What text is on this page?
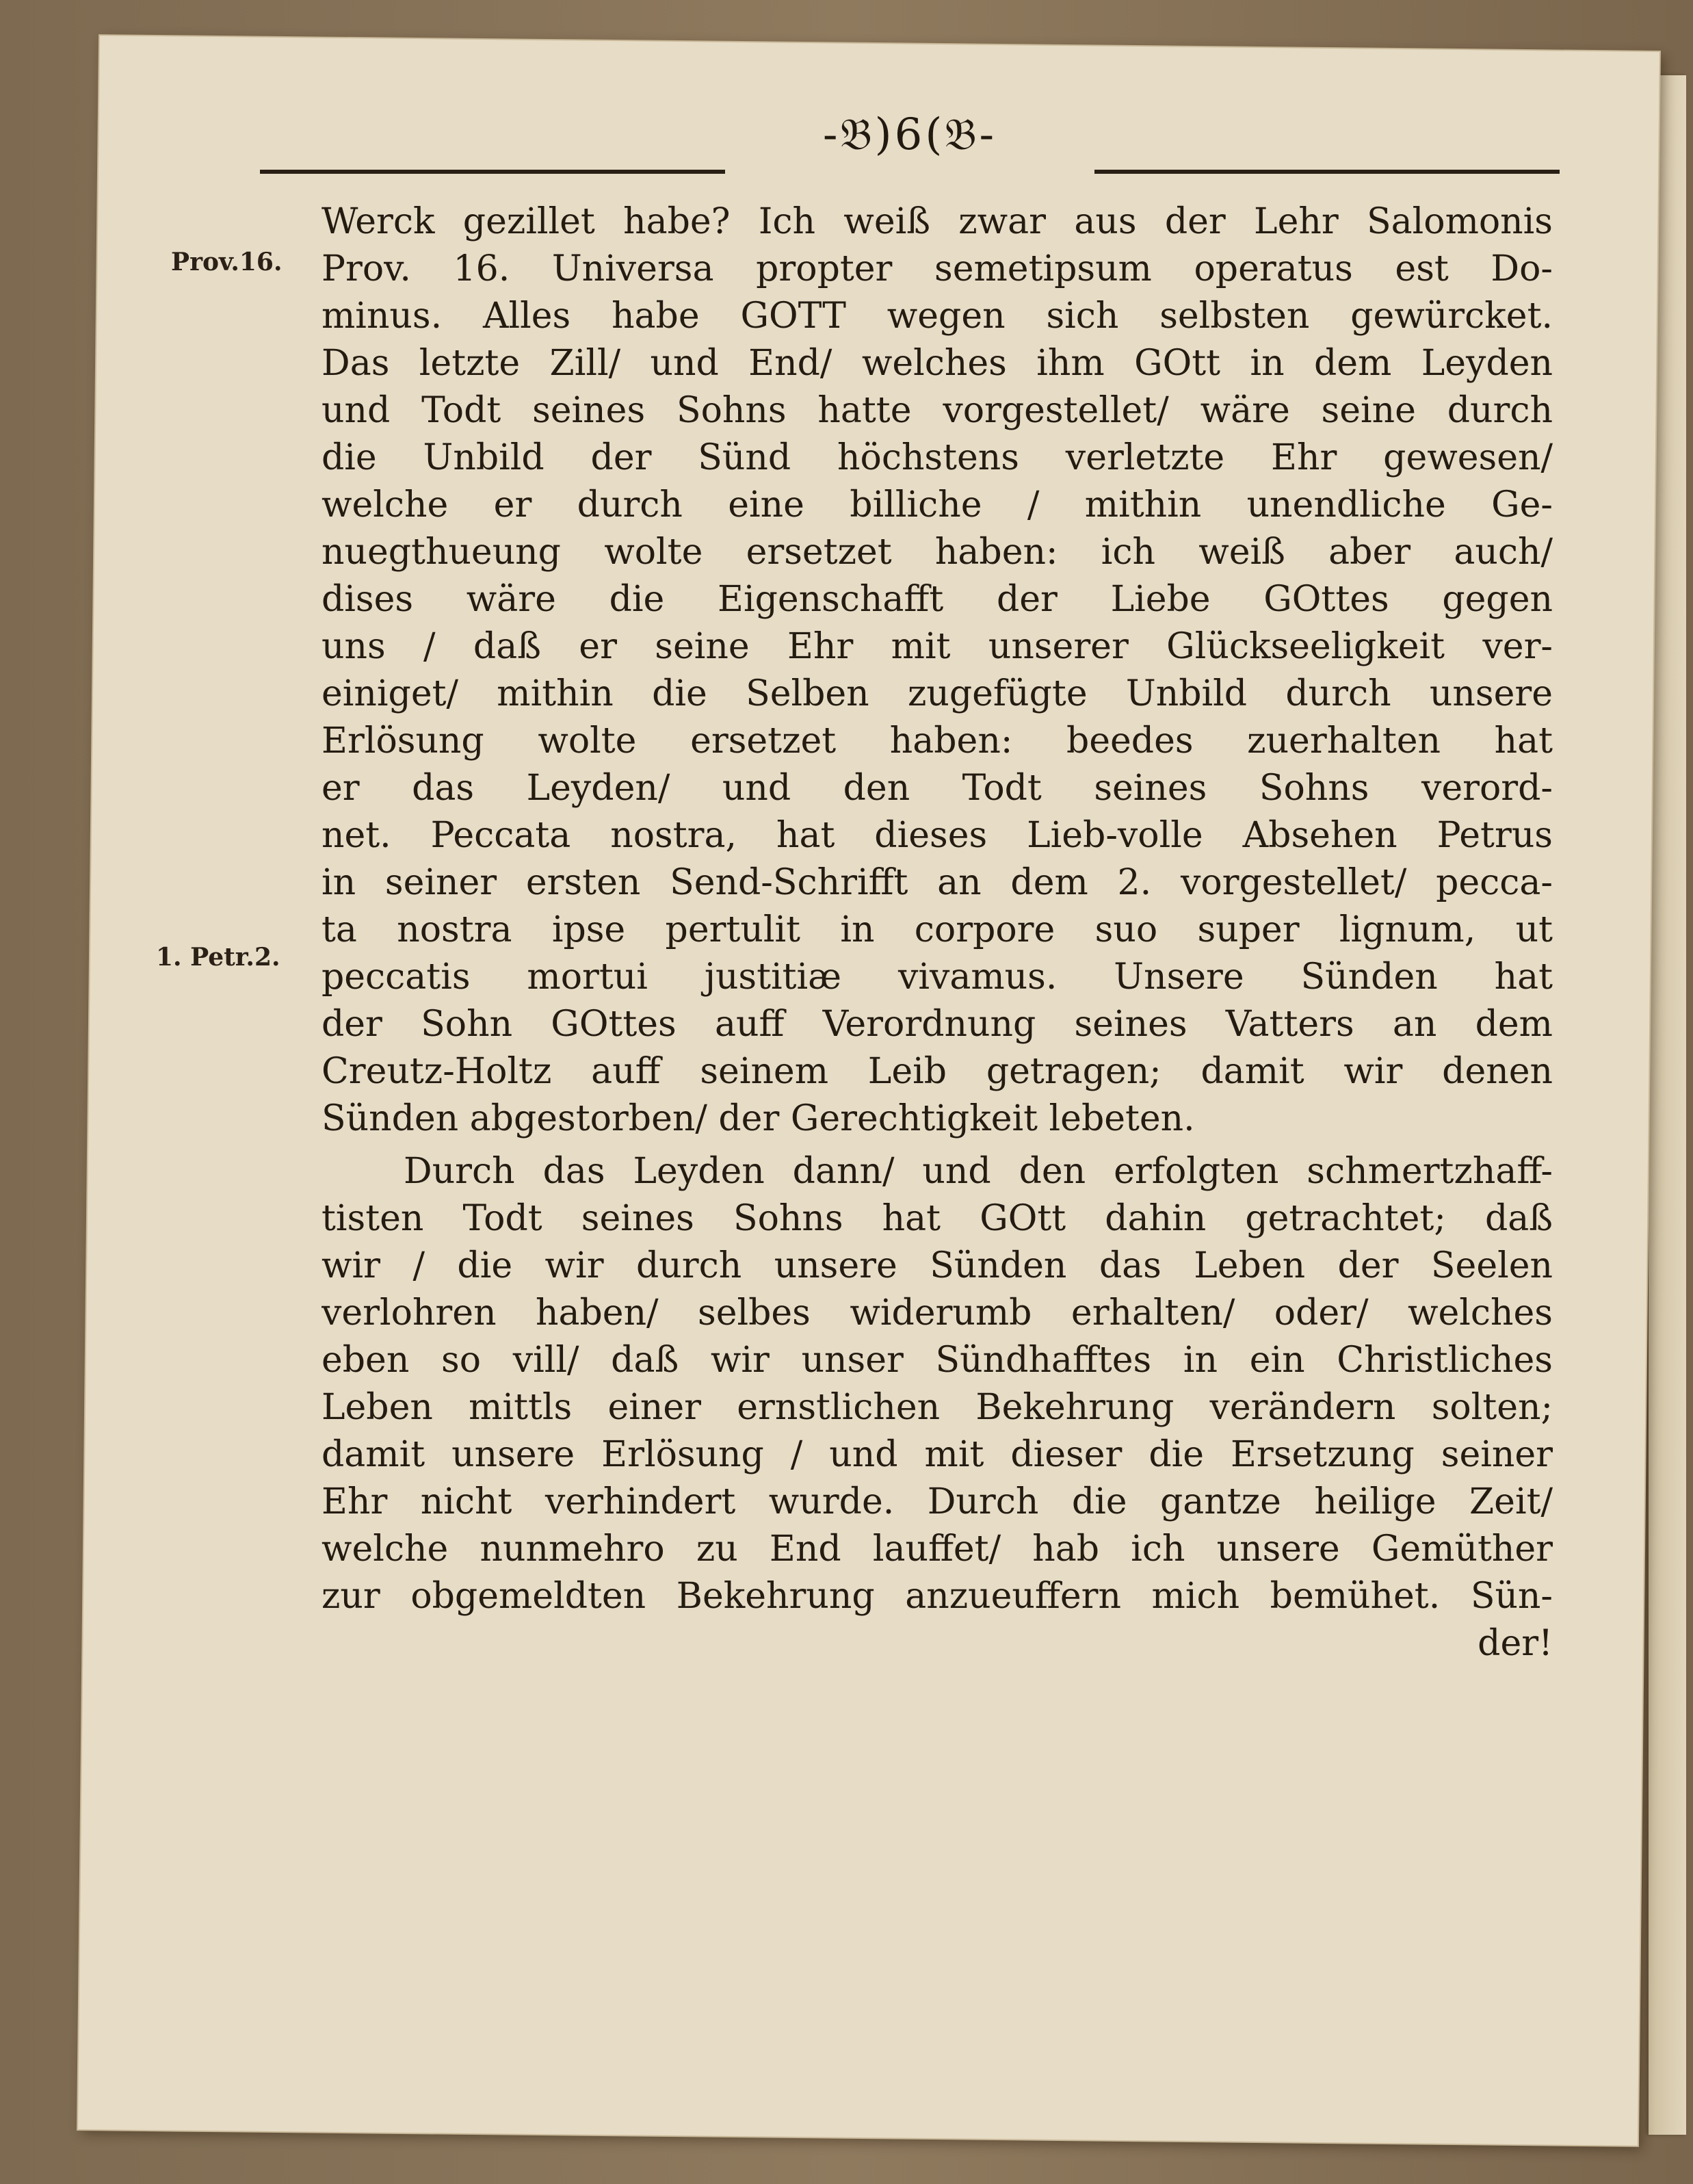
-𝔅)6(𝔅-
Prov.16.
1. Petr.2.
Werck gezillet habe? Ich weiß zwar aus der Lehr Salomonis
Prov. 16. Universa propter semetipsum operatus est Do-
minus. Alles habe GOTT wegen sich selbsten gewürcket.
Das letzte Zill/ und End/ welches ihm GOtt in dem Leyden
und Todt seines Sohns hatte vorgestellet/ wäre seine durch
die Unbild der Sünd höchstens verletzte Ehr gewesen/
welche er durch eine billiche / mithin unendliche Ge-
nuegthueung wolte ersetzet haben: ich weiß aber auch/
dises wäre die Eigenschafft der Liebe GOttes gegen
uns / daß er seine Ehr mit unserer Glückseeligkeit ver-
einiget/ mithin die Selben zugefügte Unbild durch unsere
Erlösung wolte ersetzet haben: beedes zuerhalten hat
er das Leyden/ und den Todt seines Sohns verord-
net. Peccata nostra, hat dieses Lieb-volle Absehen Petrus
in seiner ersten Send-Schrifft an dem 2. vorgestellet/ pecca-
ta nostra ipse pertulit in corpore suo super lignum, ut
peccatis mortui justitiæ vivamus. Unsere Sünden hat
der Sohn GOttes auff Verordnung seines Vatters an dem
Creutz-Holtz auff seinem Leib getragen; damit wir denen
Sünden abgestorben/ der Gerechtigkeit lebeten.
Durch das Leyden dann/ und den erfolgten schmertzhaff-
tisten Todt seines Sohns hat GOtt dahin getrachtet; daß
wir / die wir durch unsere Sünden das Leben der Seelen
verlohren haben/ selbes widerumb erhalten/ oder/ welches
eben so vill/ daß wir unser Sündhafftes in ein Christliches
Leben mittls einer ernstlichen Bekehrung verändern solten;
damit unsere Erlösung / und mit dieser die Ersetzung seiner
Ehr nicht verhindert wurde. Durch die gantze heilige Zeit/
welche nunmehro zu End lauffet/ hab ich unsere Gemüther
zur obgemeldten Bekehrung anzueuffern mich bemühet. Sün-
der!
